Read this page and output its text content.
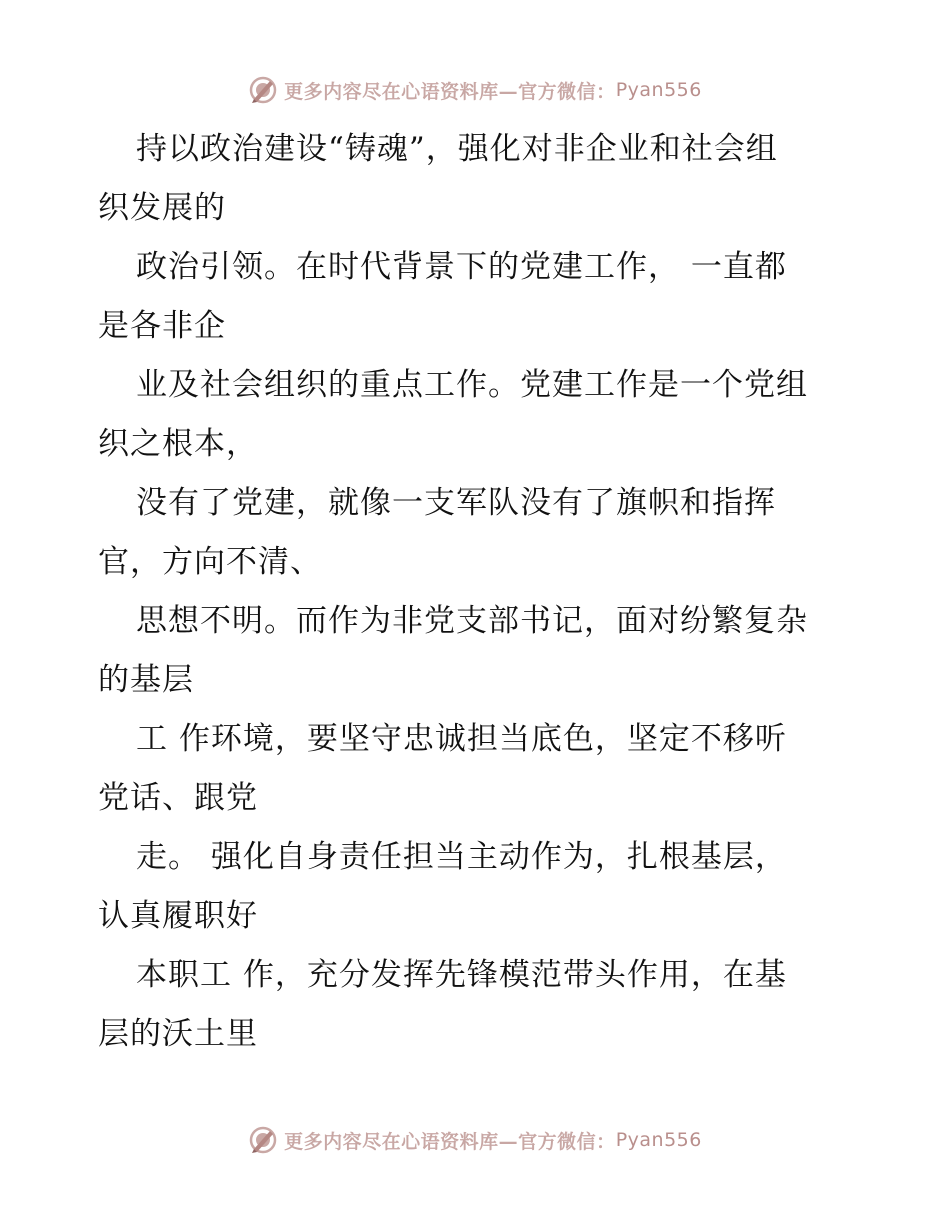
更多内容尽在心语资料库— 官方微信： Pyan556

持以政治建设“铸魂”，强化对非企业和社会组
织发展的

政治引领。在时代背景下的党建工作， 一直都
是各非企

业及社会组织的重点工作。党建工作是一个党组
织之根本，

没有了党建，就像一支军队没有了旗帜和指挥
官，方向不清、

思想不明。而作为非党支部书记，面对纷繁复杂
的基层

工 作环境，要坚守忠诚担当底色，坚定不移听
党话、跟党

走。 强化自身责任担当主动作为，扎根基层，
认真履职好

本职工 作，充分发挥先锋模范带头作用，在基
层的沃土里

更多内容尽在心语资料库— 官方微信： Pyan556
